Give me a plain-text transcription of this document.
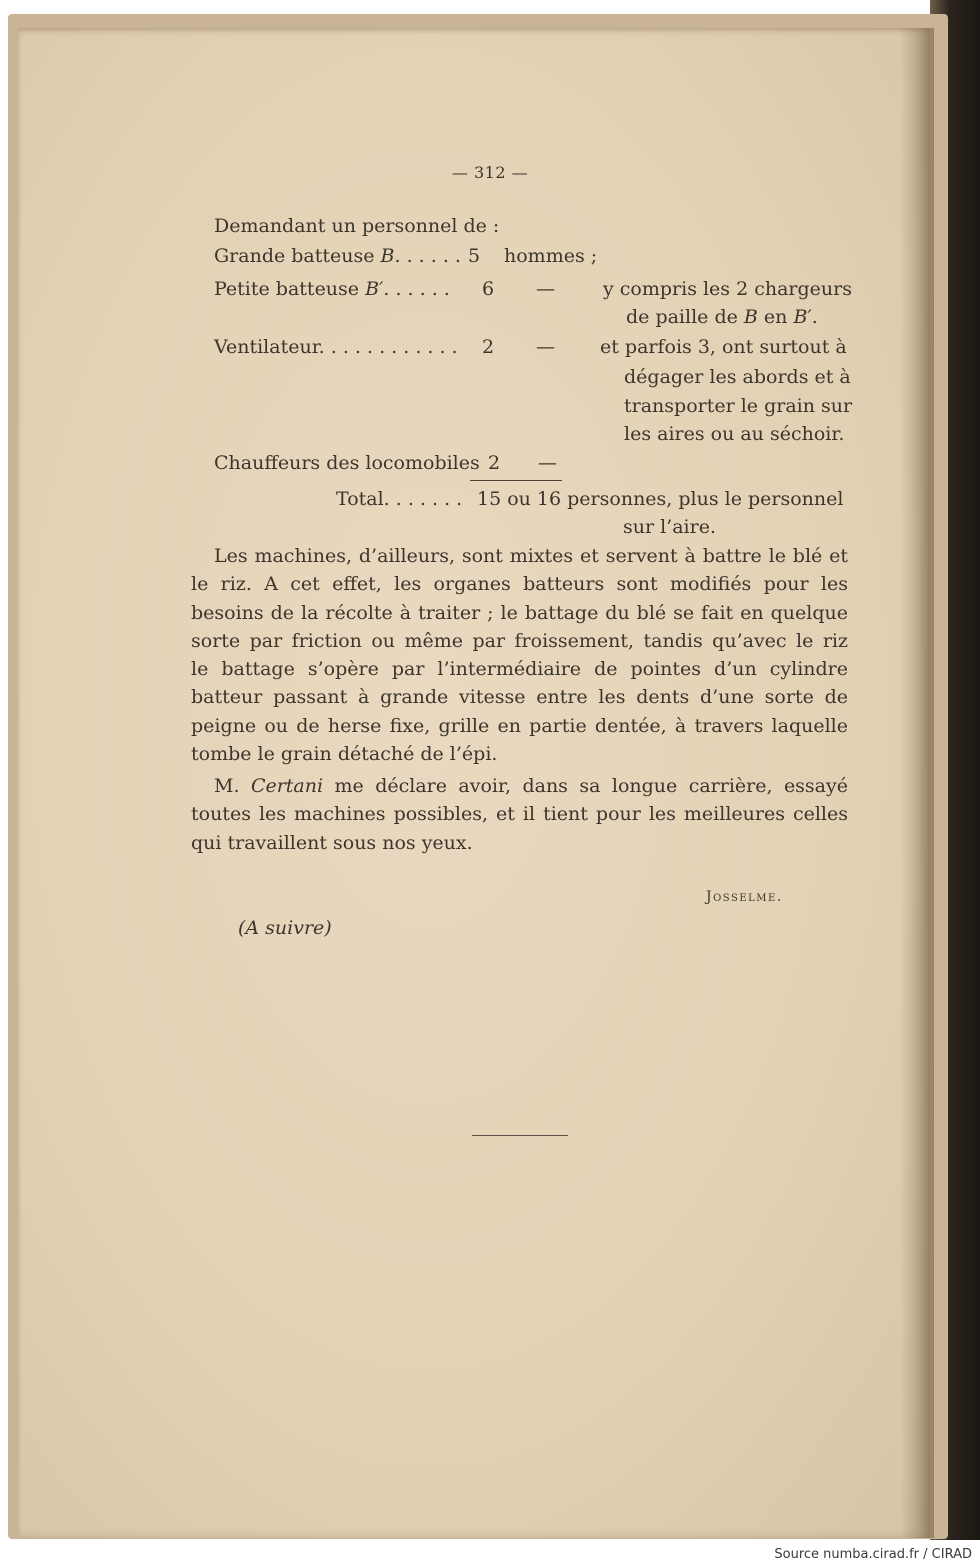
— 312 —
Demandant un personnel de :
Grande batteuse B. . . . . . 5 hommes ;
Petite batteuse B′. . . . . . 6 —	y compris les 2 chargeurs
de paille de B en B′.
Ventilateur. . . . . . . . . . . . 2 — et parfois 3, ont surtout à
dégager les abords et à
transporter le grain sur
les aires ou au séchoir.
Chauffeurs des locomobiles 2 —
Total. . . . . . . 15 ou 16 personnes, plus le personnel
sur l’aire.
Les machines, d’ailleurs, sont mixtes et servent à battre le blé et
le riz. A cet effet, les organes batteurs sont modifiés pour les
besoins de la récolte à traiter ; le battage du blé se fait en quelque
sorte par friction ou même par froissement, tandis qu’avec le riz
le battage s’opère par l’intermédiaire de pointes d’un cylindre
batteur passant à grande vitesse entre les dents d’une sorte de
peigne ou de herse fixe, grille en partie dentée, à travers laquelle
tombe le grain détaché de l’épi.
M. Certani me déclare avoir, dans sa longue carrière, essayé
toutes les machines possibles, et il tient pour les meilleures celles
qui travaillent sous nos yeux.
Josselme.
(A suivre)
Source numba.cirad.fr / CIRAD
